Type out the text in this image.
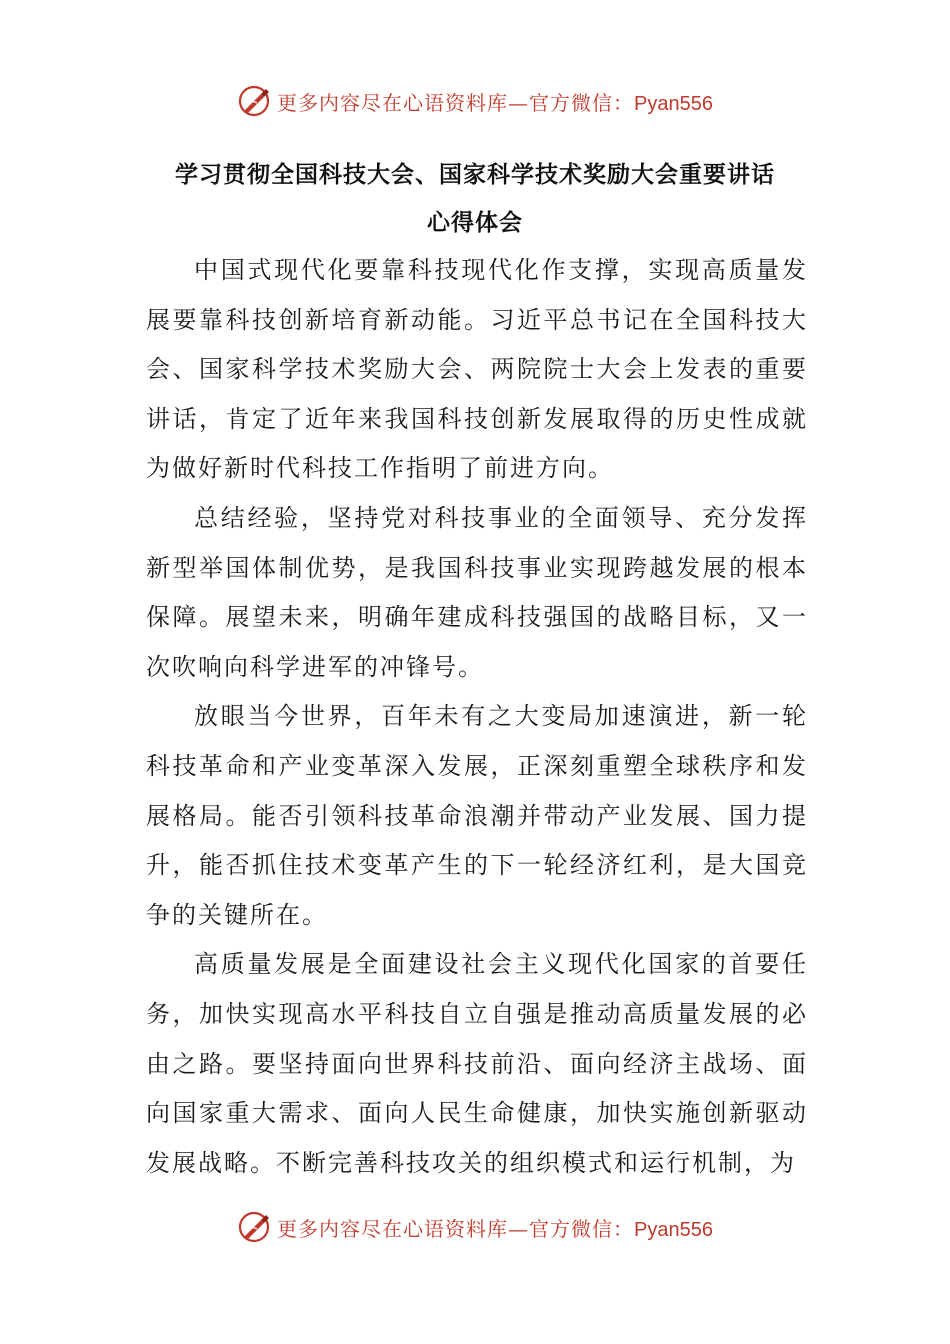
更多内容尽在心语资料库—官方微信：Pyan556
学习贯彻全国科技大会、国家科学技术奖励大会重要讲话
心得体会

中国式现代化要靠科技现代化作支撑，实现高质量发展要靠科技创新培育新动能。习近平总书记在全国科技大会、国家科学技术奖励大会、两院院士大会上发表的重要讲话，肯定了近年来我国科技创新发展取得的历史性成就为做好新时代科技工作指明了前进方向。

总结经验，坚持党对科技事业的全面领导、充分发挥新型举国体制优势，是我国科技事业实现跨越发展的根本保障。展望未来，明确年建成科技强国的战略目标，又一次吹响向科学进军的冲锋号。

放眼当今世界，百年未有之大变局加速演进，新一轮科技革命和产业变革深入发展，正深刻重塑全球秩序和发展格局。能否引领科技革命浪潮并带动产业发展、国力提升，能否抓住技术变革产生的下一轮经济红利，是大国竞争的关键所在。

高质量发展是全面建设社会主义现代化国家的首要任务，加快实现高水平科技自立自强是推动高质量发展的必由之路。要坚持面向世界科技前沿、面向经济主战场、面向国家重大需求、面向人民生命健康，加快实施创新驱动发展战略。不断完善科技攻关的组织模式和运行机制，为

更多内容尽在心语资料库—官方微信：Pyan556
